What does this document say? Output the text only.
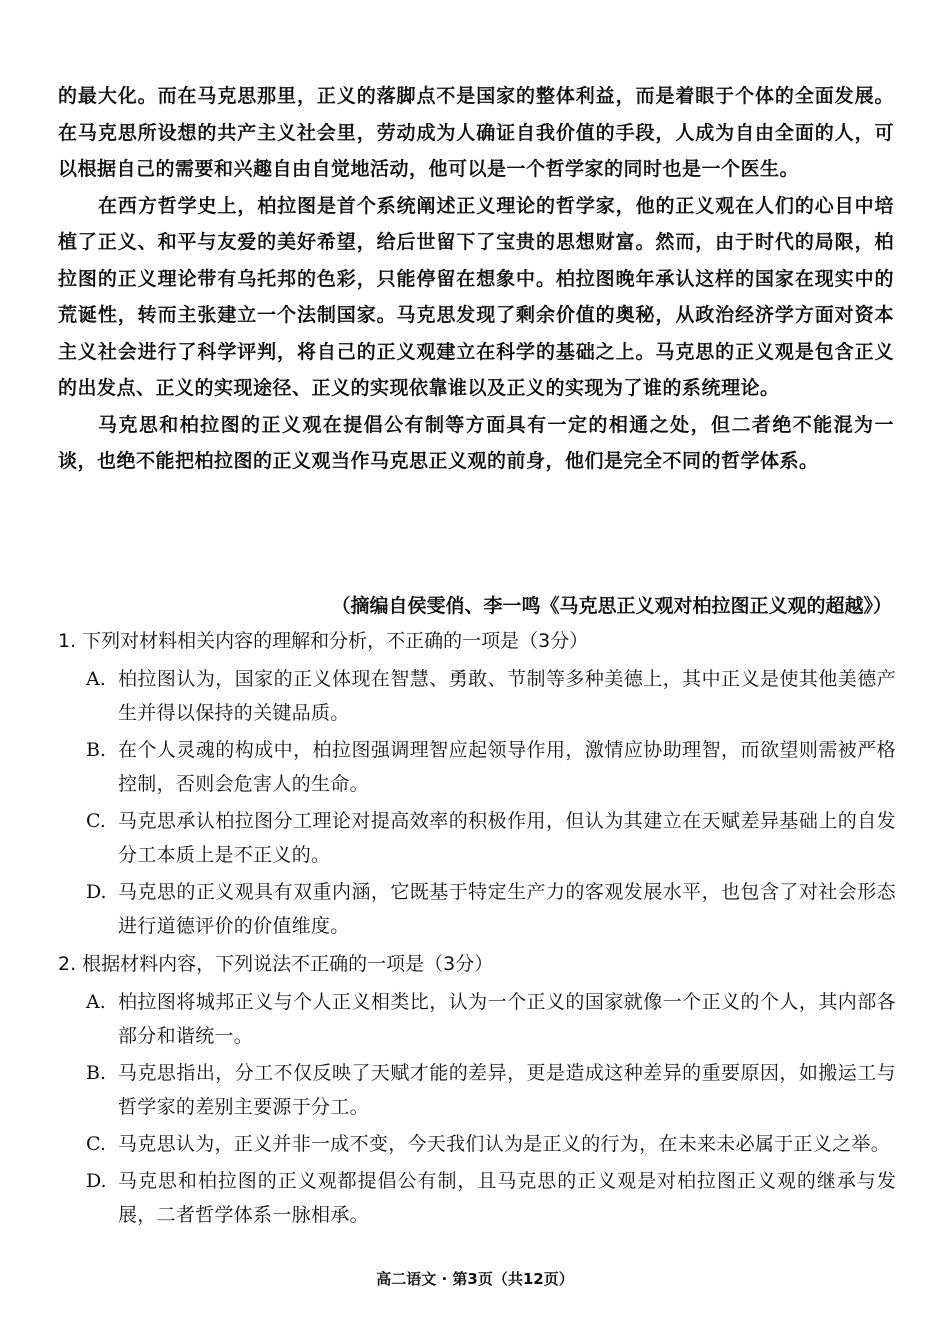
的最大化。而在马克思那里，正义的落脚点不是国家的整体利益，而是着眼于个体的全面发展。在马克思所设想的共产主义社会里，劳动成为人确证自我价值的手段，人成为自由全面的人，可以根据自己的需要和兴趣自由自觉地活动，他可以是一个哲学家的同时也是一个医生。

在西方哲学史上，柏拉图是首个系统阐述正义理论的哲学家，他的正义观在人们的心目中培植了正义、和平与友爱的美好希望，给后世留下了宝贵的思想财富。然而，由于时代的局限，柏拉图的正义理论带有乌托邦的色彩，只能停留在想象中。柏拉图晚年承认这样的国家在现实中的荒诞性，转而主张建立一个法制国家。马克思发现了剩余价值的奥秘，从政治经济学方面对资本主义社会进行了科学评判，将自己的正义观建立在科学的基础之上。马克思的正义观是包含正义的出发点、正义的实现途径、正义的实现依靠谁以及正义的实现为了谁的系统理论。

马克思和柏拉图的正义观在提倡公有制等方面具有一定的相通之处，但二者绝不能混为一谈，也绝不能把柏拉图的正义观当作马克思正义观的前身，他们是完全不同的哲学体系。

（摘编自侯雯俏、李一鸣《马克思正义观对柏拉图正义观的超越》）
1. 下列对材料相关内容的理解和分析，不正确的一项是（3分）
A. 柏拉图认为，国家的正义体现在智慧、勇敢、节制等多种美德上，其中正义是使其他美德产生并得以保持的关键品质。
B. 在个人灵魂的构成中，柏拉图强调理智应起领导作用，激情应协助理智，而欲望则需被严格控制，否则会危害人的生命。
C. 马克思承认柏拉图分工理论对提高效率的积极作用，但认为其建立在天赋差异基础上的自发分工本质上是不正义的。
D. 马克思的正义观具有双重内涵，它既基于特定生产力的客观发展水平，也包含了对社会形态进行道德评价的价值维度。
2. 根据材料内容，下列说法不正确的一项是（3分）
A. 柏拉图将城邦正义与个人正义相类比，认为一个正义的国家就像一个正义的个人，其内部各部分和谐统一。
B. 马克思指出，分工不仅反映了天赋才能的差异，更是造成这种差异的重要原因，如搬运工与哲学家的差别主要源于分工。
C. 马克思认为，正义并非一成不变，今天我们认为是正义的行为，在未来未必属于正义之举。
D. 马克思和柏拉图的正义观都提倡公有制，且马克思的正义观是对柏拉图正义观的继承与发展，二者哲学体系一脉相承。
高二语文 · 第3页（共12页）
